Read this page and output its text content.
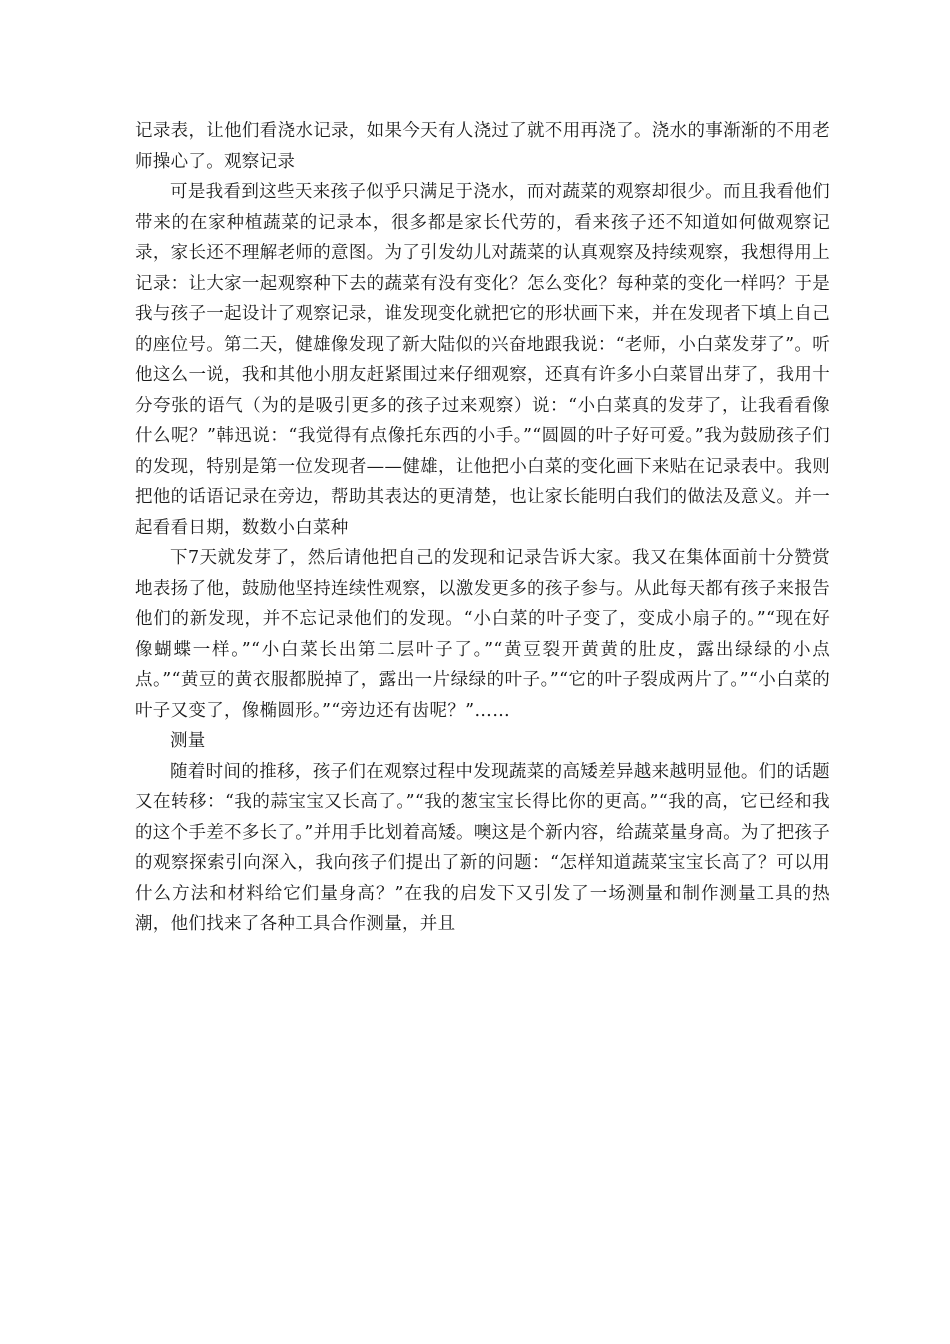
记录表，让他们看浇水记录，如果今天有人浇过了就不用再浇了。浇水的事渐渐的不用老师操心了。观察记录

可是我看到这些天来孩子似乎只满足于浇水，而对蔬菜的观察却很少。而且我看他们带来的在家种植蔬菜的记录本，很多都是家长代劳的，看来孩子还不知道如何做观察记录，家长还不理解老师的意图。为了引发幼儿对蔬菜的认真观察及持续观察，我想得用上记录：让大家一起观察种下去的蔬菜有没有变化？怎么变化？每种菜的变化一样吗？于是我与孩子一起设计了观察记录，谁发现变化就把它的形状画下来，并在发现者下填上自己的座位号。第二天，健雄像发现了新大陆似的兴奋地跟我说：“老师，小白菜发芽了”。听他这么一说，我和其他小朋友赶紧围过来仔细观察，还真有许多小白菜冒出芽了，我用十分夸张的语气（为的是吸引更多的孩子过来观察）说：“小白菜真的发芽了，让我看看像什么呢？”韩迅说：“我觉得有点像托东西的小手。”“圆圆的叶子好可爱。”我为鼓励孩子们的发现，特别是第一位发现者——健雄，让他把小白菜的变化画下来贴在记录表中。我则把他的话语记录在旁边，帮助其表达的更清楚，也让家长能明白我们的做法及意义。并一起看看日期，数数小白菜种

下7天就发芽了，然后请他把自己的发现和记录告诉大家。我又在集体面前十分赞赏地表扬了他，鼓励他坚持连续性观察，以激发更多的孩子参与。从此每天都有孩子来报告他们的新发现，并不忘记录他们的发现。“小白菜的叶子变了，变成小扇子的。”“现在好像蝴蝶一样。”“小白菜长出第二层叶子了。”“黄豆裂开黄黄的肚皮，露出绿绿的小点点。”“黄豆的黄衣服都脱掉了，露出一片绿绿的叶子。”“它的叶子裂成两片了。”“小白菜的叶子又变了，像椭圆形。”“旁边还有齿呢？”……

测量

随着时间的推移，孩子们在观察过程中发现蔬菜的高矮差异越来越明显他。们的话题又在转移：“我的蒜宝宝又长高了。”“我的葱宝宝长得比你的更高。”“我的高，它已经和我的这个手差不多长了。”并用手比划着高矮。噢这是个新内容，给蔬菜量身高。为了把孩子的观察探索引向深入，我向孩子们提出了新的问题：“怎样知道蔬菜宝宝长高了？可以用什么方法和材料给它们量身高？”在我的启发下又引发了一场测量和制作测量工具的热潮，他们找来了各种工具合作测量，并且
